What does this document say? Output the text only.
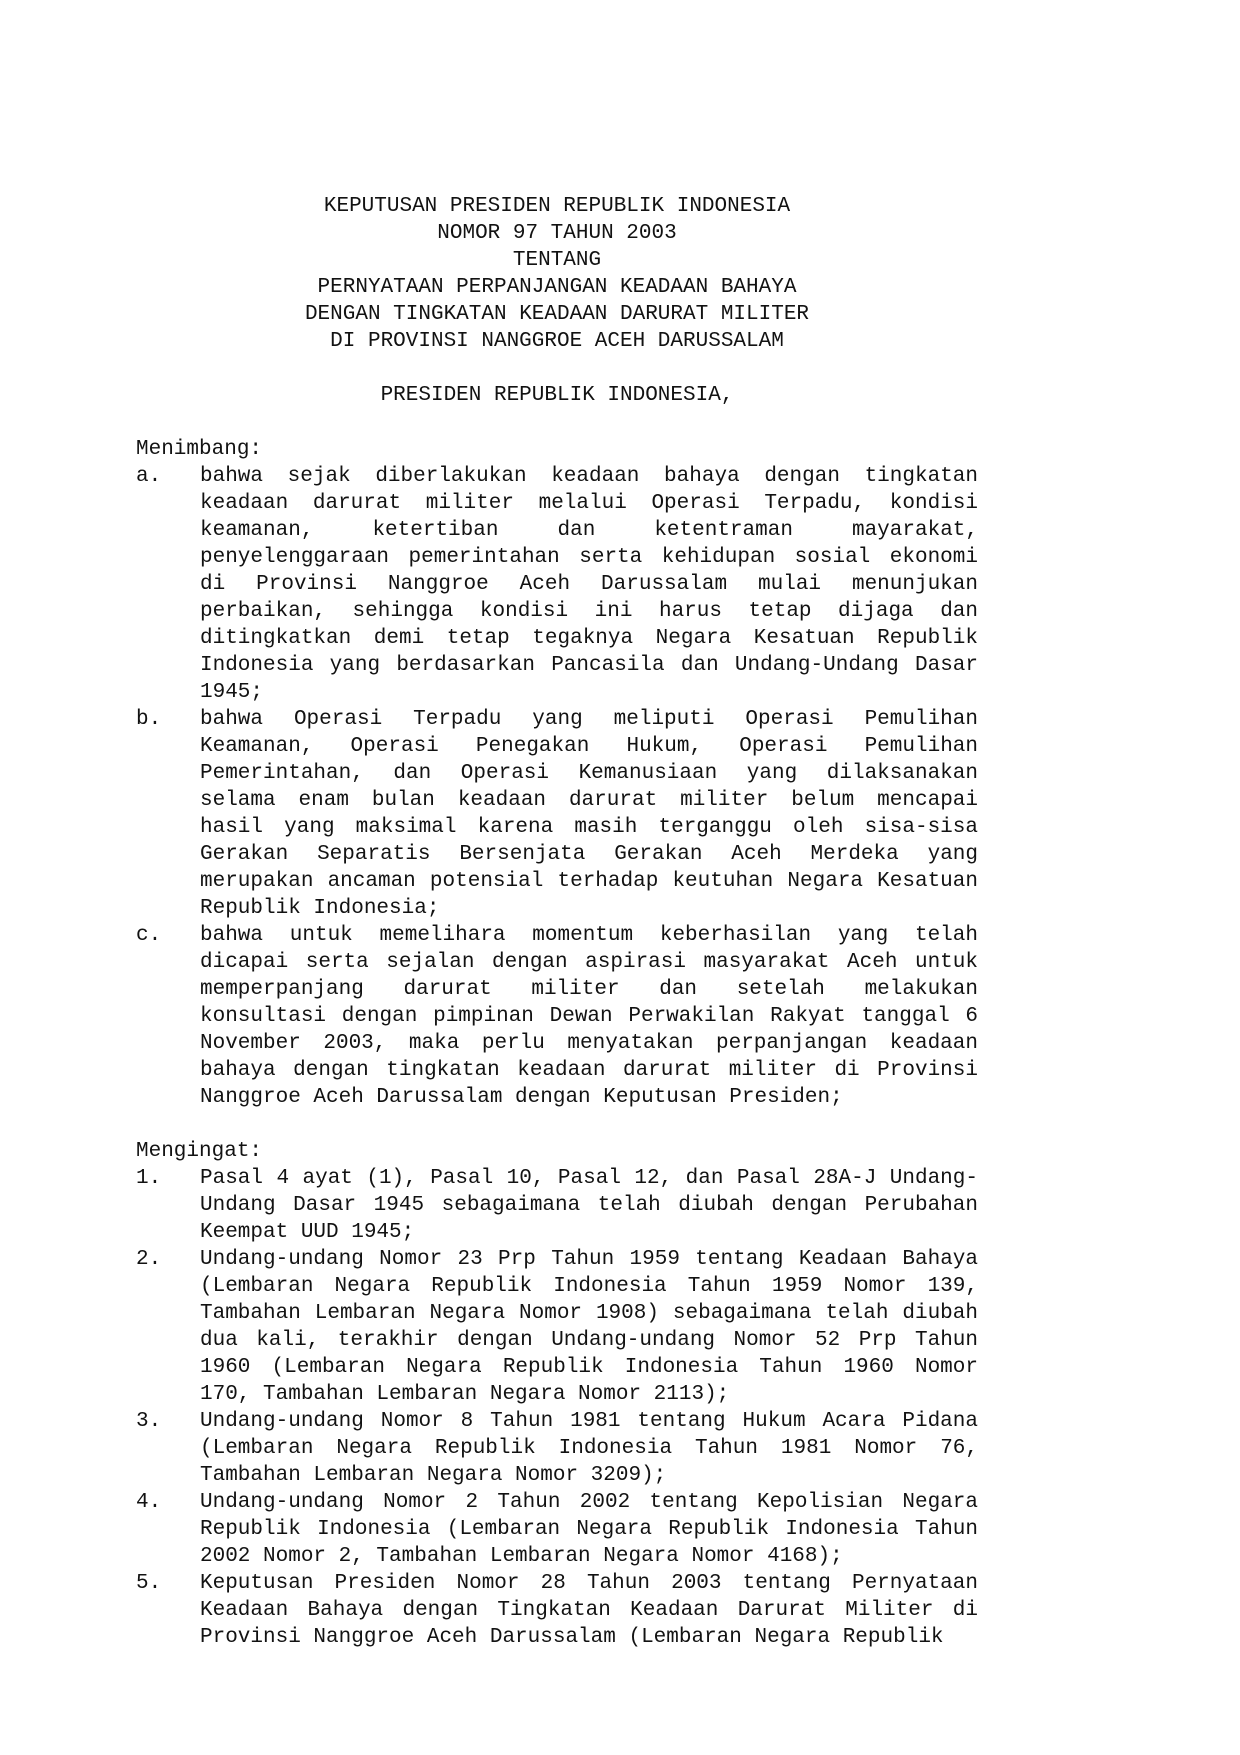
KEPUTUSAN PRESIDEN REPUBLIK INDONESIA
NOMOR 97 TAHUN 2003
TENTANG
PERNYATAAN PERPANJANGAN KEADAAN BAHAYA
DENGAN TINGKATAN KEADAAN DARURAT MILITER
DI PROVINSI NANGGROE ACEH DARUSSALAM
PRESIDEN REPUBLIK INDONESIA,
Menimbang:
a.	bahwa sejak diberlakukan keadaan bahaya dengan tingkatan keadaan darurat militer melalui Operasi Terpadu, kondisi keamanan, ketertiban dan ketentraman mayarakat, penyelenggaraan pemerintahan serta kehidupan sosial ekonomi di Provinsi Nanggroe Aceh Darussalam mulai menunjukan perbaikan, sehingga kondisi ini harus tetap dijaga dan ditingkatkan demi tetap tegaknya Negara Kesatuan Republik Indonesia yang berdasarkan Pancasila dan Undang-Undang Dasar 1945;
b.	bahwa Operasi Terpadu yang meliputi Operasi Pemulihan Keamanan, Operasi Penegakan Hukum, Operasi Pemulihan Pemerintahan, dan Operasi Kemanusiaan yang dilaksanakan selama enam bulan keadaan darurat militer belum mencapai hasil yang maksimal karena masih terganggu oleh sisa-sisa Gerakan Separatis Bersenjata Gerakan Aceh Merdeka yang merupakan ancaman potensial terhadap keutuhan Negara Kesatuan Republik Indonesia;
c.	bahwa untuk memelihara momentum keberhasilan yang telah dicapai serta sejalan dengan aspirasi masyarakat Aceh untuk memperpanjang darurat militer dan setelah melakukan konsultasi dengan pimpinan Dewan Perwakilan Rakyat tanggal 6 November 2003, maka perlu menyatakan perpanjangan keadaan bahaya dengan tingkatan keadaan darurat militer di Provinsi Nanggroe Aceh Darussalam dengan Keputusan Presiden;
Mengingat:
1.	Pasal 4 ayat (1), Pasal 10, Pasal 12, dan Pasal 28A-J Undang-Undang Dasar 1945 sebagaimana telah diubah dengan Perubahan Keempat UUD 1945;
2.	Undang-undang Nomor 23 Prp Tahun 1959 tentang Keadaan Bahaya (Lembaran Negara Republik Indonesia Tahun 1959 Nomor 139, Tambahan Lembaran Negara Nomor 1908) sebagaimana telah diubah dua kali, terakhir dengan Undang-undang Nomor 52 Prp Tahun 1960 (Lembaran Negara Republik Indonesia Tahun 1960 Nomor 170, Tambahan Lembaran Negara Nomor 2113);
3.	Undang-undang Nomor 8 Tahun 1981 tentang Hukum Acara Pidana (Lembaran Negara Republik Indonesia Tahun 1981 Nomor 76, Tambahan Lembaran Negara Nomor 3209);
4.	Undang-undang Nomor 2 Tahun 2002 tentang Kepolisian Negara Republik Indonesia (Lembaran Negara Republik Indonesia Tahun 2002 Nomor 2, Tambahan Lembaran Negara Nomor 4168);
5.	Keputusan Presiden Nomor 28 Tahun 2003 tentang Pernyataan Keadaan Bahaya dengan Tingkatan Keadaan Darurat Militer di Provinsi Nanggroe Aceh Darussalam (Lembaran Negara Republik
